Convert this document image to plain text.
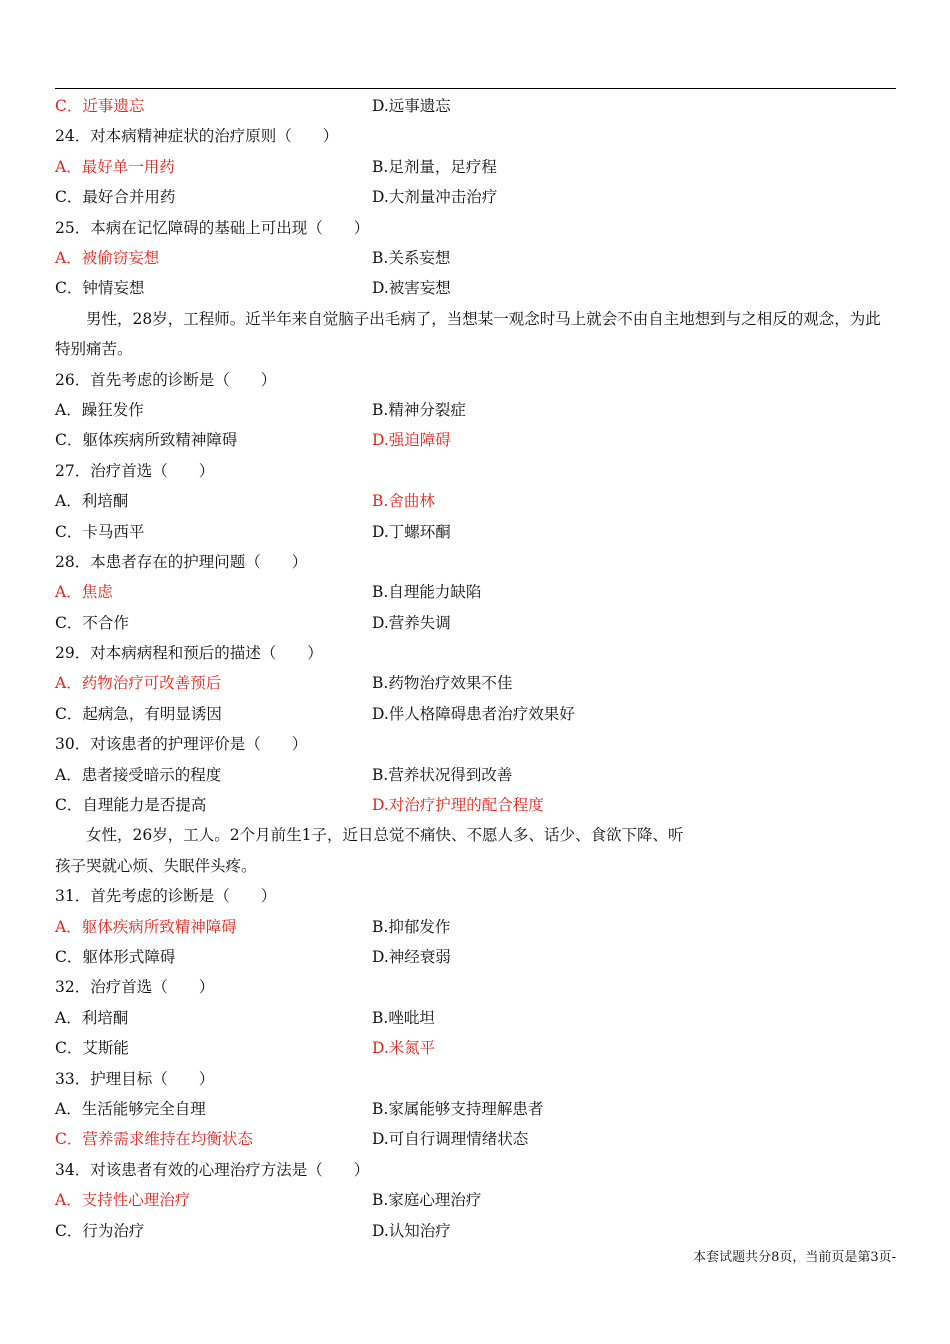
C．近事遗忘	D.远事遗忘
24．对本病精神症状的治疗原则（　　）
A．最好单一用药	B.足剂量，足疗程
C．最好合并用药	D.大剂量冲击治疗
25．本病在记忆障碍的基础上可出现（　　）
A．被偷窃妄想	B.关系妄想
C．钟情妄想	D.被害妄想
男性，28岁，工程师。近半年来自觉脑子出毛病了，当想某一观念时马上就会不由自主地想到与之相反的观念，为此特别痛苦。
26．首先考虑的诊断是（　　）
A．躁狂发作	B.精神分裂症
C．躯体疾病所致精神障碍	D.强迫障碍
27．治疗首选（　　）
A．利培酮	B.舍曲林
C．卡马西平	D.丁螺环酮
28．本患者存在的护理问题（　　）
A．焦虑	B.自理能力缺陷
C．不合作	D.营养失调
29．对本病病程和预后的描述（　　）
A．药物治疗可改善预后	B.药物治疗效果不佳
C．起病急，有明显诱因	D.伴人格障碍患者治疗效果好
30．对该患者的护理评价是（　　）
A．患者接受暗示的程度	B.营养状况得到改善
C．自理能力是否提高	D.对治疗护理的配合程度
女性，26岁，工人。2个月前生1子，近日总觉不痛快、不愿人多、话少、食欲下降、听孩子哭就心烦、失眠伴头疼。
31．首先考虑的诊断是（　　）
A．躯体疾病所致精神障碍	B.抑郁发作
C．躯体形式障碍	D.神经衰弱
32．治疗首选（　　）
A．利培酮	B.唑吡坦
C．艾斯能	D.米氮平
33．护理目标（　　）
A．生活能够完全自理	B.家属能够支持理解患者
C．营养需求维持在均衡状态	D.可自行调理情绪状态
34．对该患者有效的心理治疗方法是（　　）
A．支持性心理治疗	B.家庭心理治疗
C．行为治疗	D.认知治疗
本套试题共分8页，当前页是第3页-
